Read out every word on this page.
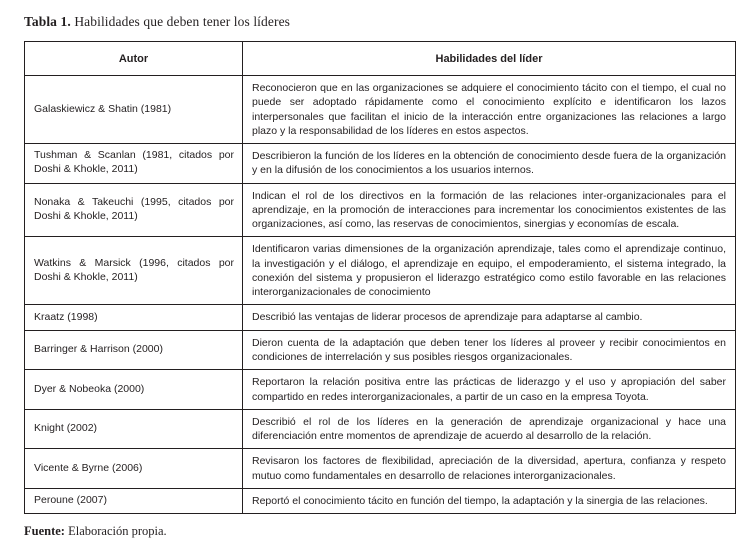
Tabla 1. Habilidades que deben tener los líderes
Autor	Habilidades del líder
Galaskiewicz & Shatin (1981)	Reconocieron que en las organizaciones se adquiere el conocimiento tácito con el tiempo, el cual no puede ser adoptado rápidamente como el conocimiento explícito e identificaron los lazos interpersonales que facilitan el inicio de la interacción entre organizaciones las relaciones a largo plazo y la responsabilidad de los líderes en estos aspectos.
Tushman & Scanlan (1981, citados por Doshi & Khokle, 2011)	Describieron la función de los líderes en la obtención de conocimiento desde fuera de la organización y en la difusión de los conocimientos a los usuarios internos.
Nonaka & Takeuchi (1995, citados por Doshi & Khokle, 2011)	Indican el rol de los directivos en la formación de las relaciones inter-organizacionales para el aprendizaje, en la promoción de interacciones para incrementar los conocimientos existentes de las organizaciones, así como, las reservas de conocimientos, sinergias y economías de escala.
Watkins & Marsick (1996, citados por Doshi & Khokle, 2011)	Identificaron varias dimensiones de la organización aprendizaje, tales como el aprendizaje continuo, la investigación y el diálogo, el aprendizaje en equipo, el empoderamiento, el sistema integrado, la conexión del sistema y propusieron el liderazgo estratégico como estilo favorable en las relaciones interorganizacionales de conocimiento
Kraatz (1998)	Describió las ventajas de liderar procesos de aprendizaje para adaptarse al cambio.
Barringer & Harrison (2000)	Dieron cuenta de la adaptación que deben tener los líderes al proveer y recibir conocimientos en condiciones de interrelación y sus posibles riesgos organizacionales.
Dyer & Nobeoka (2000)	Reportaron la relación positiva entre las prácticas de liderazgo y el uso y apropiación del saber compartido en redes interorganizacionales, a partir de un caso en la empresa Toyota.
Knight (2002)	Describió el rol de los líderes en la generación de aprendizaje organizacional y hace una diferenciación entre momentos de aprendizaje de acuerdo al desarrollo de la relación.
Vicente & Byrne (2006)	Revisaron los factores de flexibilidad, apreciación de la diversidad, apertura, confianza y respeto mutuo como fundamentales en desarrollo de relaciones interorganizacionales.
Peroune (2007)	Reportó el conocimiento tácito en función del tiempo, la adaptación y la sinergia de las relaciones.
Fuente: Elaboración propia.
